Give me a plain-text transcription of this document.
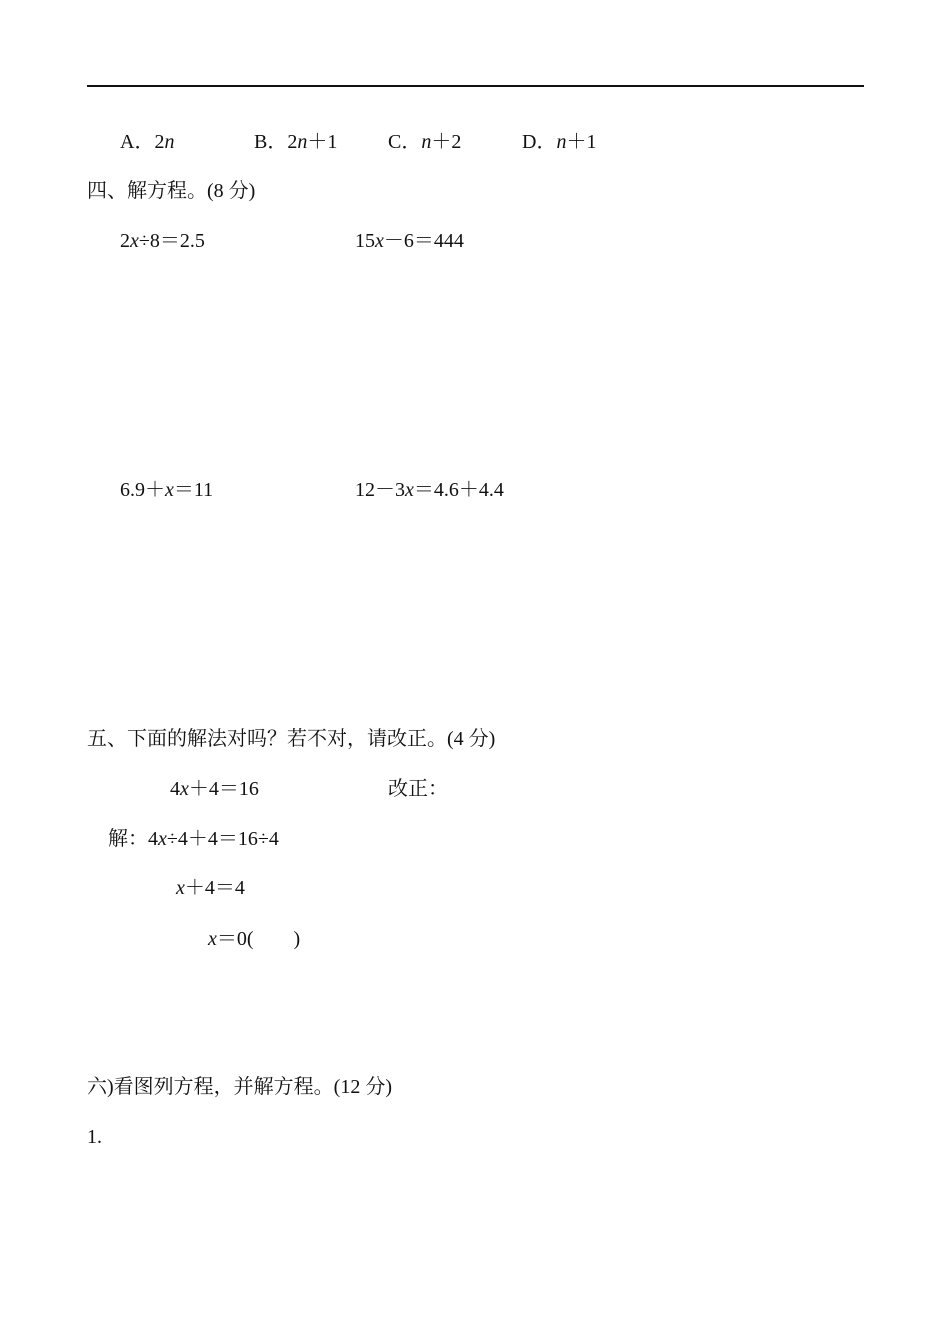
A．2n	B．2n＋1	C．n＋2	D．n＋1
四、解方程。(8 分)
2x÷8＝2.5	15x－6＝444
6.9＋x＝11	12－3x＝4.6＋4.4
五、下面的解法对吗？若不对，请改正。(4 分)
4x＋4＝16	改正：
解：4x÷4＋4＝16÷4
x＋4＝4
x＝0(　　)
六)看图列方程，并解方程。(12 分)
1.
